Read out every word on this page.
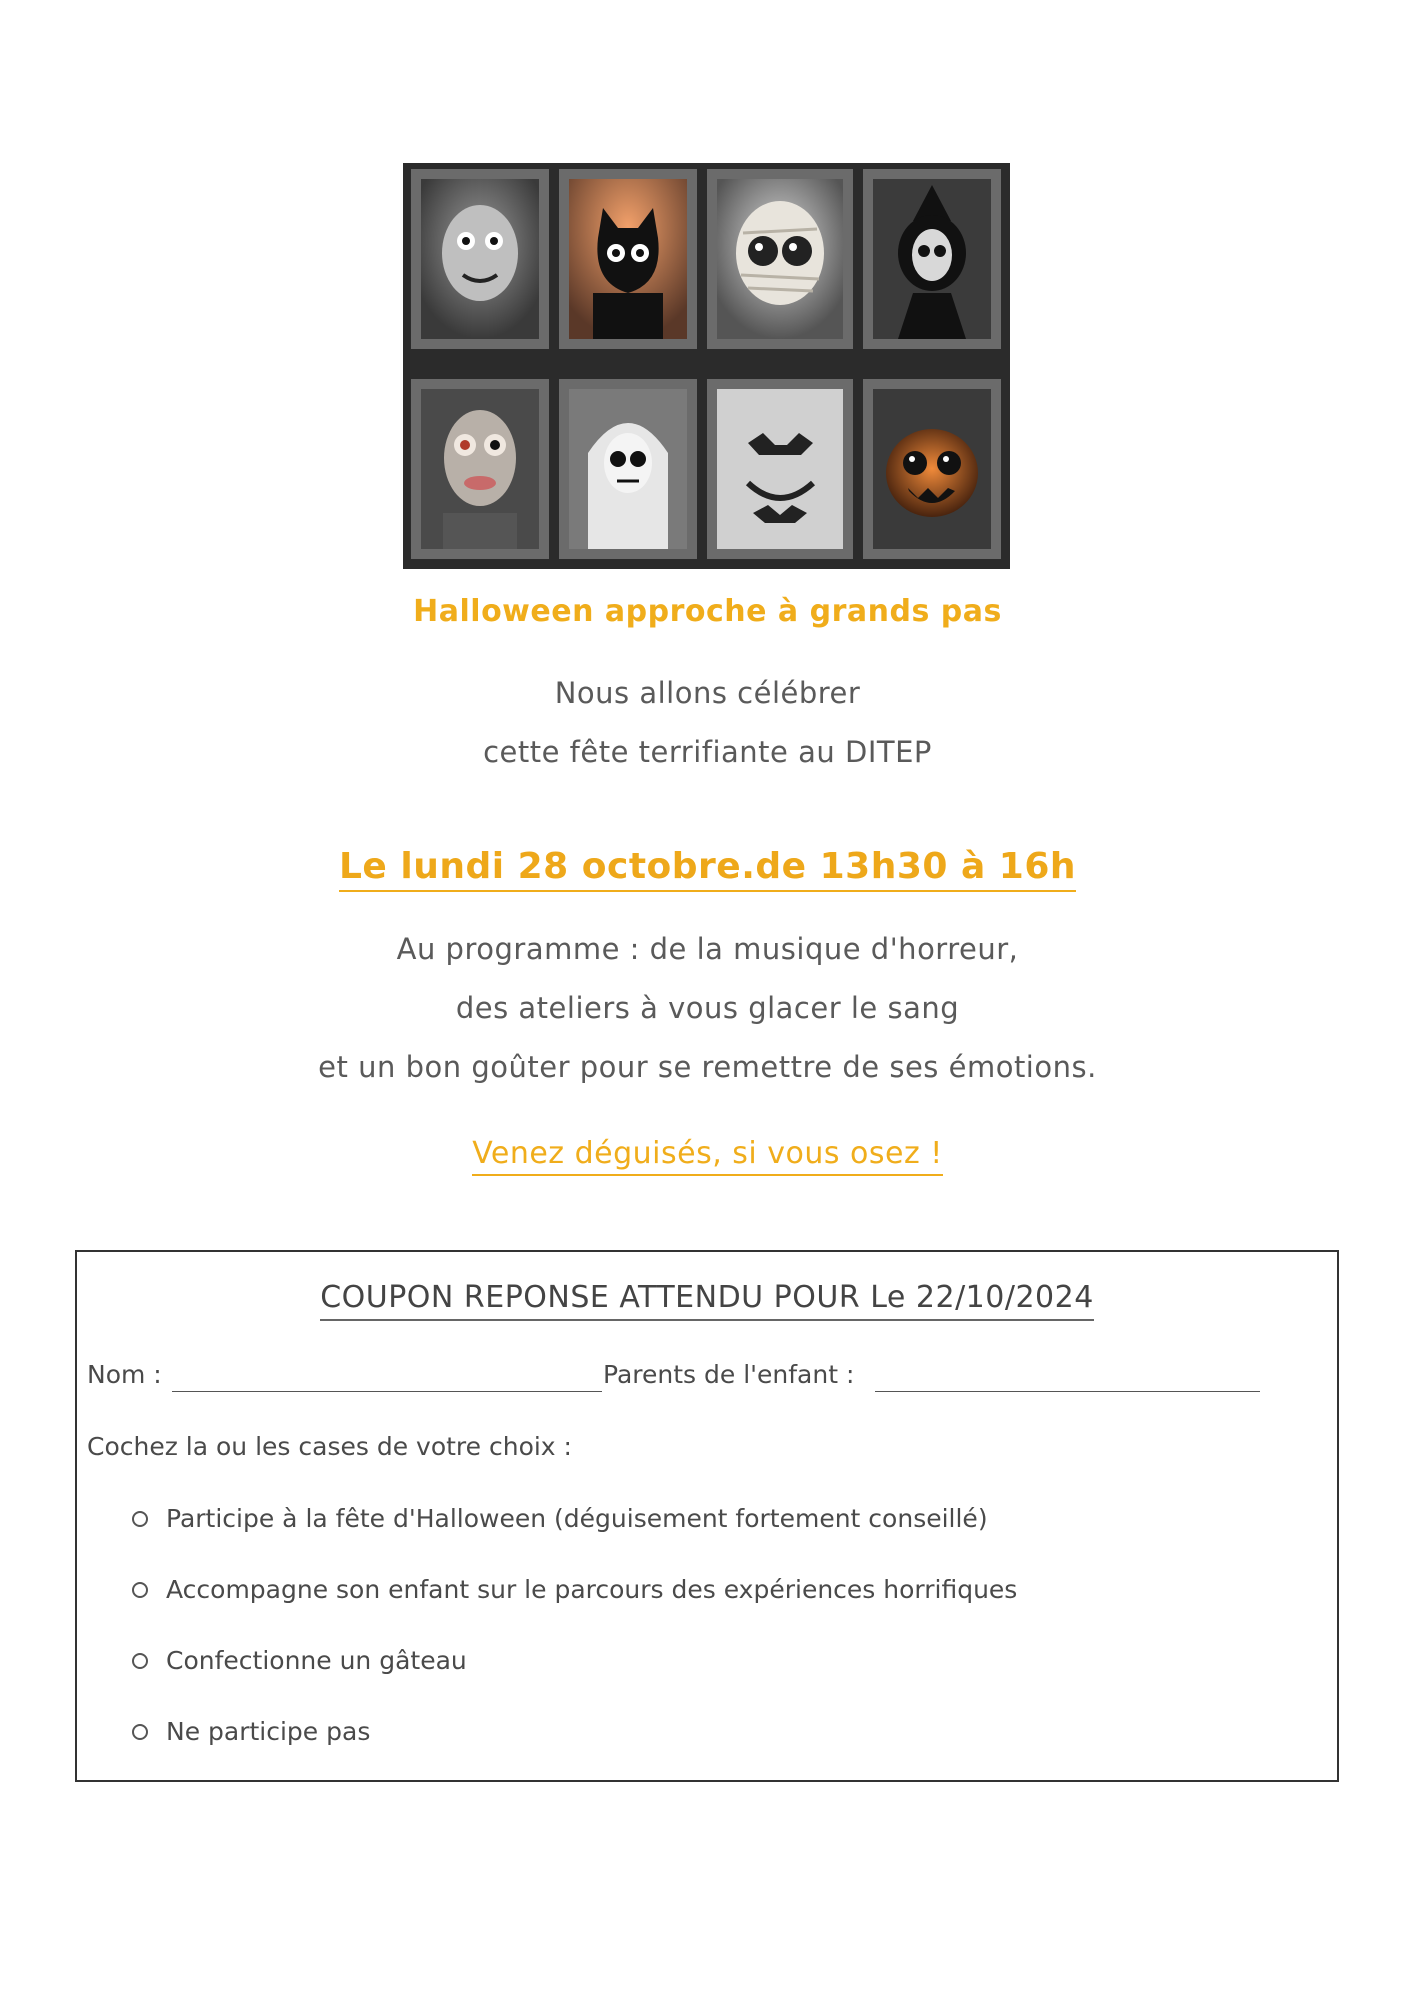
Halloween approche à grands pas
Nous allons célébrer
cette fête terrifiante au DITEP
Le lundi 28 octobre.de 13h30 à 16h
Au programme : de la musique d'horreur,
des ateliers à vous glacer le sang
et un bon goûter pour se remettre de ses émotions.
Venez déguisés, si vous osez !
COUPON REPONSE ATTENDU POUR Le 22/10/2024
Nom :	Parents de l'enfant :
Cochez la ou les cases de votre choix :
Participe à la fête d'Halloween (déguisement fortement conseillé)
Accompagne son enfant sur le parcours des expériences horrifiques
Confectionne un gâteau
Ne participe pas
